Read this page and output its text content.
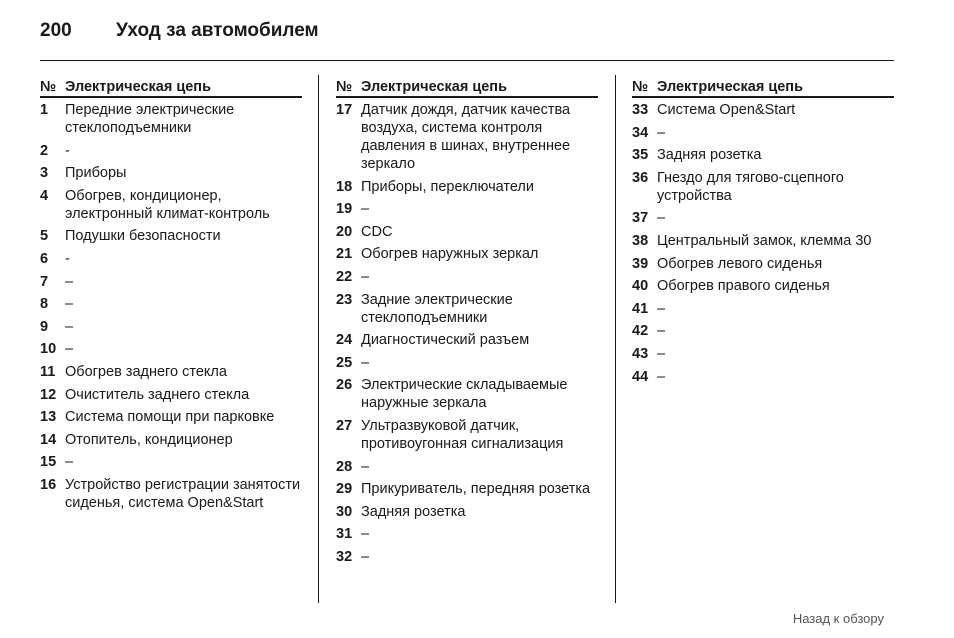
200 Уход за автомобилем
№ Электрическая цепь
1	Передние электрические стеклоподъемники
2	-
3	Приборы
4	Обогрев, кондиционер, электронный климат-контроль
5	Подушки безопасности
6	-
7	–
8	–
9	–
10 –
11 Обогрев заднего стекла
12 Очиститель заднего стекла
13 Система помощи при парковке
14 Отопитель, кондиционер
15 –
16 Устройство регистрации занятости сиденья, система Open&Start
№ Электрическая цепь
17 Датчик дождя, датчик качества воздуха, система контроля давления в шинах, внутреннее зеркало
18 Приборы, переключатели
19 –
20 CDC
21 Обогрев наружных зеркал
22 –
23 Задние электрические стеклоподъемники
24 Диагностический разъем
25 –
26 Электрические складываемые наружные зеркала
27 Ультразвуковой датчик, противоугонная сигнализация
28 –
29 Прикуриватель, передняя розетка
30 Задняя розетка
31 –
32 –
№ Электрическая цепь
33 Система Open&Start
34 –
35 Задняя розетка
36 Гнездо для тягово-сцепного устройства
37 –
38 Центральный замок, клемма 30
39 Обогрев левого сиденья
40 Обогрев правого сиденья
41 –
42 –
43 –
44 –
Назад к обзору
